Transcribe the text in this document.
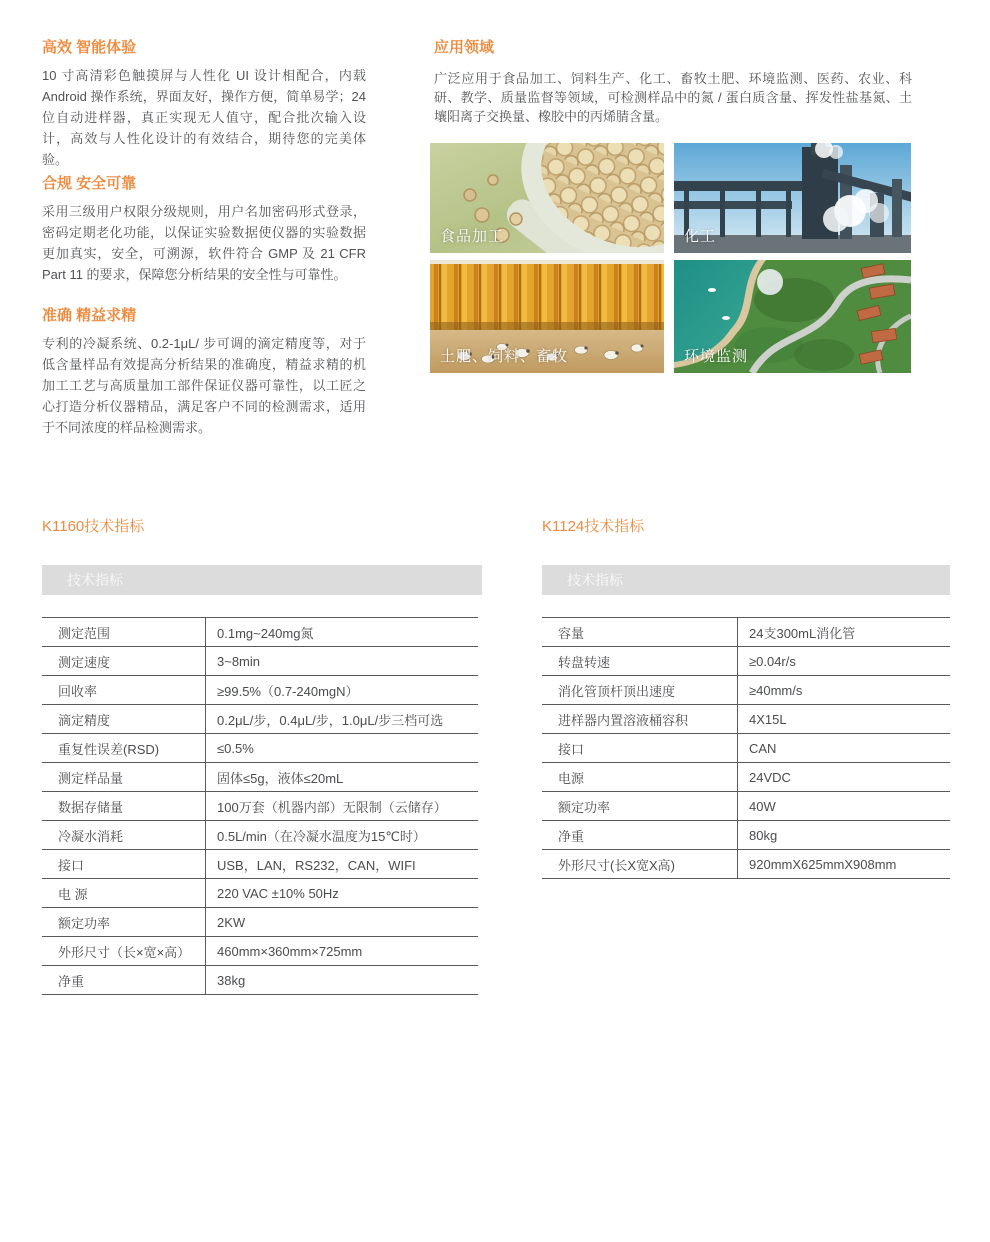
高效 智能体验

10 寸高清彩色触摸屏与人性化 UI 设计相配合，内载 Android 操作系统，界面友好，操作方便，简单易学；24 位自动进样器，真正实现无人值守，配合批次输入设计，高效与人性化设计的有效结合，期待您的完美体验。

合规 安全可靠

采用三级用户权限分级规则，用户名加密码形式登录，密码定期老化功能，以保证实验数据使仪器的实验数据更加真实，安全，可溯源，软件符合 GMP 及 21 CFR Part 11 的要求，保障您分析结果的安全性与可靠性。

准确 精益求精

专利的冷凝系统、0.2-1μL/ 步可调的滴定精度等，对于低含量样品有效提高分析结果的准确度，精益求精的机加工工艺与高质量加工部件保证仪器可靠性，以工匠之心打造分析仪器精品，满足客户不同的检测需求，适用于不同浓度的样品检测需求。

应用领域

广泛应用于食品加工、饲料生产、化工、畜牧土肥、环境监测、医药、农业、科研、教学、质量监督等领域，可检测样品中的氮 / 蛋白质含量、挥发性盐基氮、土壤阳离子交换量、橡胶中的丙烯腈含量。

食品加工	化工
土肥、饲料、畜牧	环境监测
K1160技术指标
技术指标
测定范围	0.1mg~240mg氮
测定速度	3~8min
回收率	≥99.5%（0.7-240mgN）
滴定精度	0.2μL/步，0.4μL/步，1.0μL/步三档可选
重复性误差(RSD)	≤0.5%
测定样品量	固体≤5g，液体≤20mL
数据存储量	100万套（机器内部）无限制（云储存）
冷凝水消耗	0.5L/min（在冷凝水温度为15℃时）
接口	USB，LAN，RS232，CAN，WIFI
电 源	220 VAC ±10% 50Hz
额定功率	2KW
外形尺寸（长×宽×高）	460mm×360mm×725mm
净重	38kg
K1124技术指标
技术指标
容量	24支300mL消化管
转盘转速	≥0.04r/s
消化管顶杆顶出速度	≥40mm/s
进样器内置溶液桶容积	4X15L
接口	CAN
电源	24VDC
额定功率	40W
净重	80kg
外形尺寸(长X宽X高)	920mmX625mmX908mm
